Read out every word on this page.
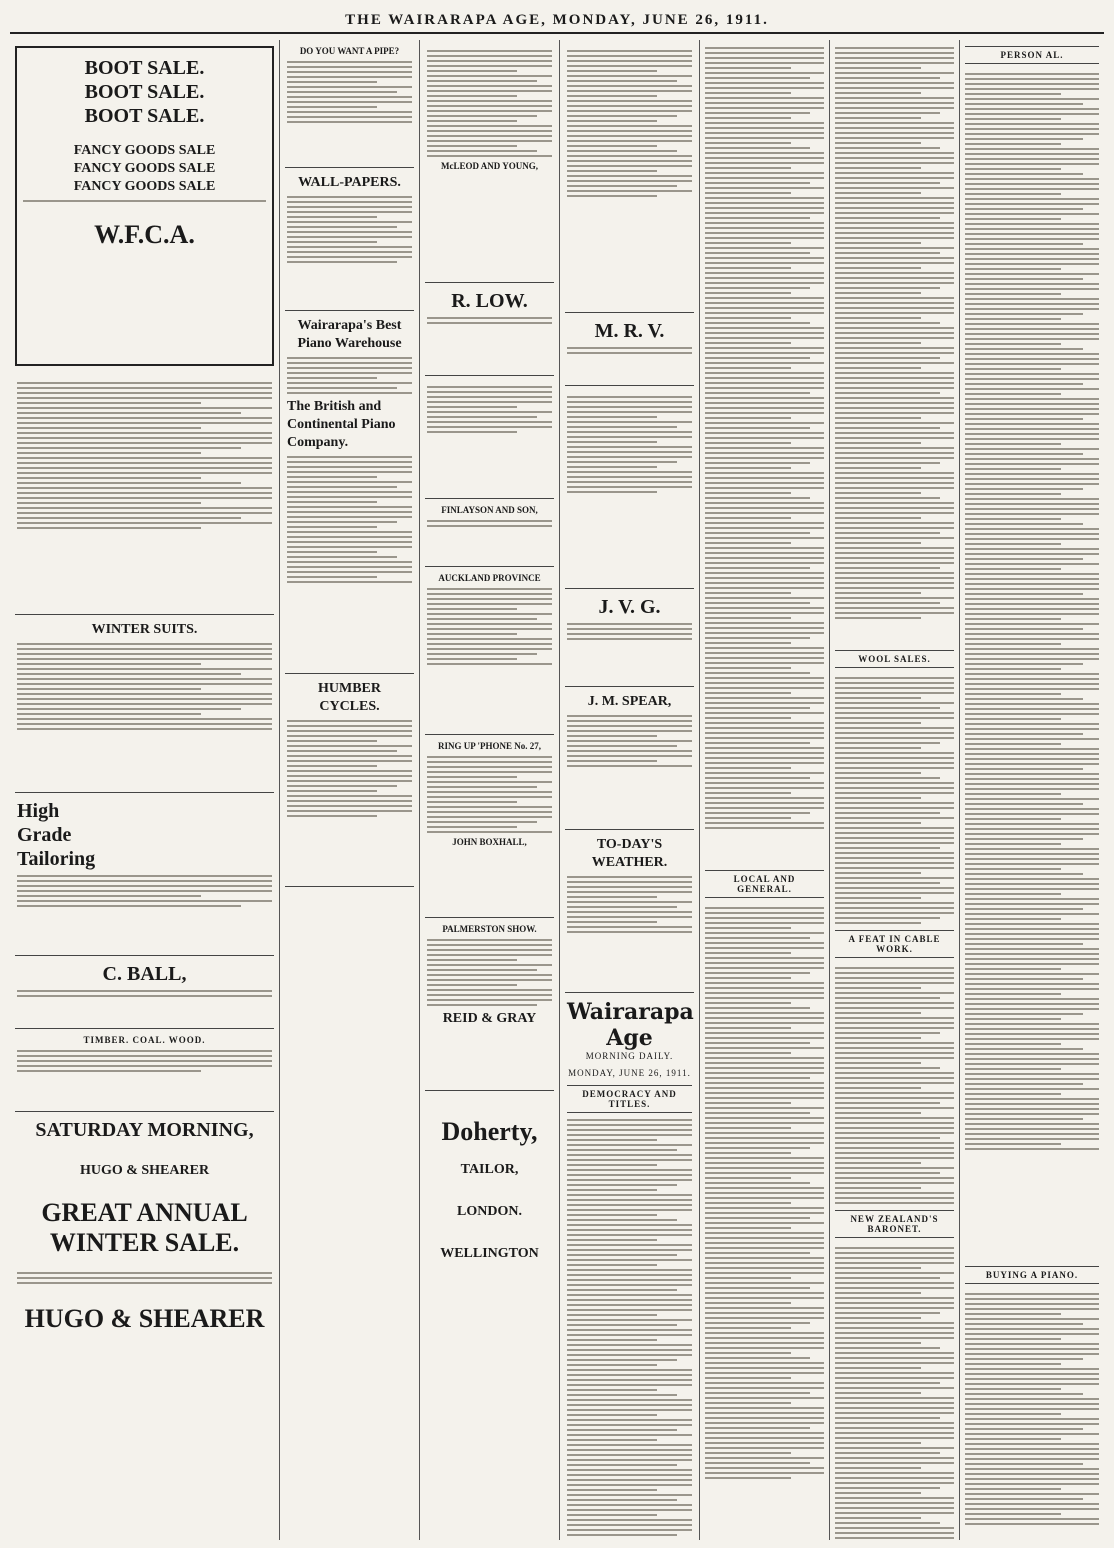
THE WAIRARAPA AGE, MONDAY, JUNE 26, 1911.
BOOT SALE.
BOOT SALE.
BOOT SALE.
FANCY GOODS SALE
FANCY GOODS SALE
FANCY GOODS SALE
W.F.C.A.
WINTER SUITS.
High
Grade
Tailoring
C. BALL,
TIMBER. COAL. WOOD.
SATURDAY MORNING,
HUGO & SHEARER
GREAT ANNUAL
WINTER SALE.
HUGO & SHEARER
DO YOU WANT A PIPE?
WALL-PAPERS.
Wairarapa's Best Piano Warehouse
The British and Continental Piano Company.
HUMBER CYCLES.
McLEOD AND YOUNG,
R. LOW.
FINLAYSON AND SON,
AUCKLAND PROVINCE
RING UP 'PHONE No. 27,
JOHN BOXHALL,
PALMERSTON SHOW.
REID & GRAY
Doherty,
TAILOR,
LONDON.
WELLINGTON
M. R. V.
J. V. G.
J. M. SPEAR,
TO-DAY'S WEATHER.
Wairarapa Age
MORNING DAILY.
MONDAY, JUNE 26, 1911.
DEMOCRACY AND TITLES.
LOCAL AND GENERAL.
WOOL SALES.
A FEAT IN CABLE WORK.
NEW ZEALAND'S BARONET.
PERSON AL.
BUYING A PIANO.
